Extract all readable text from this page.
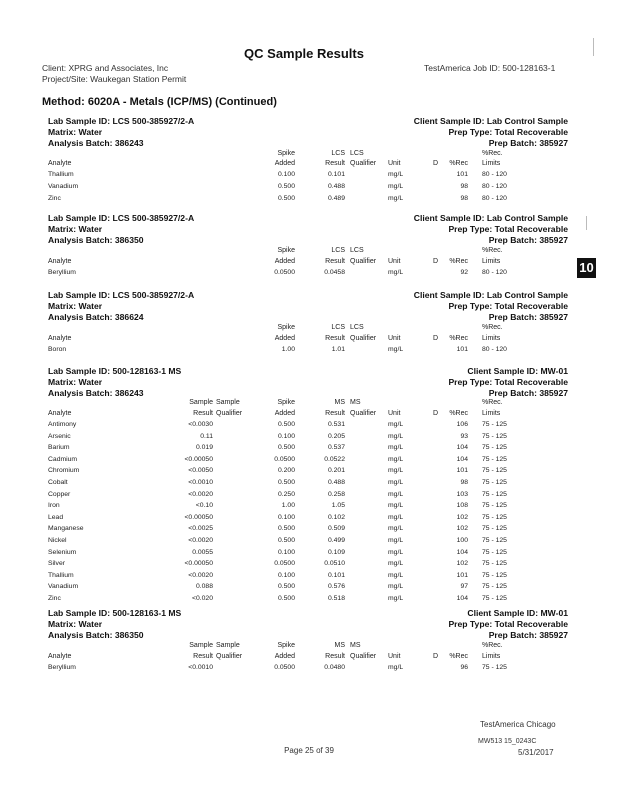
QC Sample Results
Client: XPRG and Associates, Inc
Project/Site: Waukegan Station Permit
TestAmerica Job ID: 500-128163-1
Method: 6020A - Metals (ICP/MS) (Continued)
10
Lab Sample ID: LCS 500-385927/2-A	Client Sample ID: Lab Control Sample
Matrix: Water	Prep Type: Total Recoverable
Analysis Batch: 386243	Prep Batch: 385927
Spike	LCS LCS	%Rec.
Analyte	Added	Result Qualifier Unit	D %Rec Limits
Thallium	0.100	0.101	mg/L	101 80 - 120
Vanadium	0.500	0.488	mg/L	98 80 - 120
Zinc	0.500	0.489	mg/L	98 80 - 120
Lab Sample ID: LCS 500-385927/2-A	Client Sample ID: Lab Control Sample
Matrix: Water	Prep Type: Total Recoverable
Analysis Batch: 386350	Prep Batch: 385927
Spike	LCS LCS	%Rec.
Analyte	Added	Result Qualifier Unit	D %Rec Limits
Beryllium	0.0500	0.0458	mg/L	92 80 - 120
Lab Sample ID: LCS 500-385927/2-A	Client Sample ID: Lab Control Sample
Matrix: Water	Prep Type: Total Recoverable
Analysis Batch: 386624	Prep Batch: 385927
Spike	LCS LCS	%Rec.
Analyte	Added	Result Qualifier Unit	D %Rec Limits
Boron	1.00	1.01	mg/L	101 80 - 120
Lab Sample ID: 500-128163-1 MS	Client Sample ID: MW-01
Matrix: Water	Prep Type: Total Recoverable
Analysis Batch: 386243	Prep Batch: 385927
Sample Sample	Spike	MS MS	%Rec.
Analyte	Result Qualifier	Added	Result Qualifier Unit	D %Rec Limits
Antimony	<0.0030	0.500	0.531	mg/L	106 75 - 125
Arsenic	0.11	0.100	0.205	mg/L	93 75 - 125
Barium	0.019	0.500	0.537	mg/L	104 75 - 125
Cadmium	<0.00050	0.0500	0.0522	mg/L	104 75 - 125
Chromium	<0.0050	0.200	0.201	mg/L	101 75 - 125
Cobalt	<0.0010	0.500	0.488	mg/L	98 75 - 125
Copper	<0.0020	0.250	0.258	mg/L	103 75 - 125
Iron	<0.10	1.00	1.05	mg/L	108 75 - 125
Lead	<0.00050	0.100	0.102	mg/L	102 75 - 125
Manganese	<0.0025	0.500	0.509	mg/L	102 75 - 125
Nickel	<0.0020	0.500	0.499	mg/L	100 75 - 125
Selenium	0.0055	0.100	0.109	mg/L	104 75 - 125
Silver	<0.00050	0.0500	0.0510	mg/L	102 75 - 125
Thallium	<0.0020	0.100	0.101	mg/L	101 75 - 125
Vanadium	0.088	0.500	0.576	mg/L	97 75 - 125
Zinc	<0.020	0.500	0.518	mg/L	104 75 - 125
Lab Sample ID: 500-128163-1 MS	Client Sample ID: MW-01
Matrix: Water	Prep Type: Total Recoverable
Analysis Batch: 386350	Prep Batch: 385927
Sample Sample	Spike	MS MS	%Rec.
Analyte	Result Qualifier	Added	Result Qualifier Unit	D %Rec Limits
Beryllium	<0.0010	0.0500	0.0480	mg/L	96 75 - 125
TestAmerica Chicago
Page 25 of 39
MW513 15_0243C
5/31/2017
